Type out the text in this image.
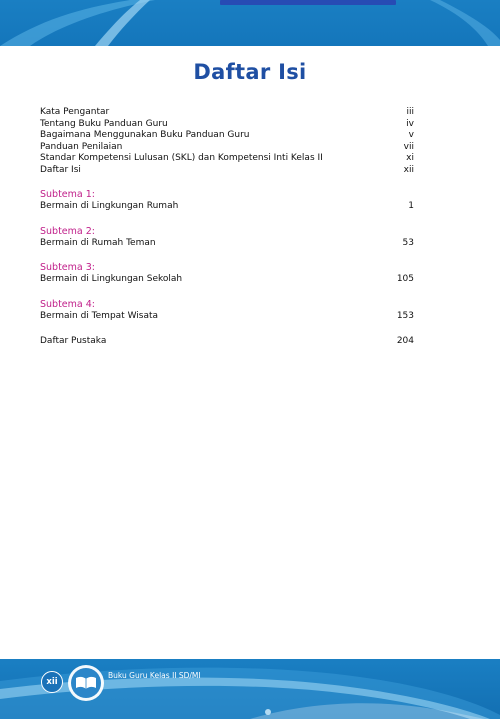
Daftar Isi
Kata Pengantar	iii
Tentang Buku Panduan Guru	iv
Bagaimana Menggunakan Buku Panduan Guru	v
Panduan Penilaian	vii
Standar Kompetensi Lulusan (SKL) dan Kompetensi Inti Kelas II	xi
Daftar Isi	xii
Subtema 1:
Bermain di Lingkungan Rumah	1
Subtema 2:
Bermain di Rumah Teman	53
Subtema 3:
Bermain di Lingkungan Sekolah	105
Subtema 4:
Bermain di Tempat Wisata	153
Daftar Pustaka	204
xii
Buku Guru Kelas II SD/MI
